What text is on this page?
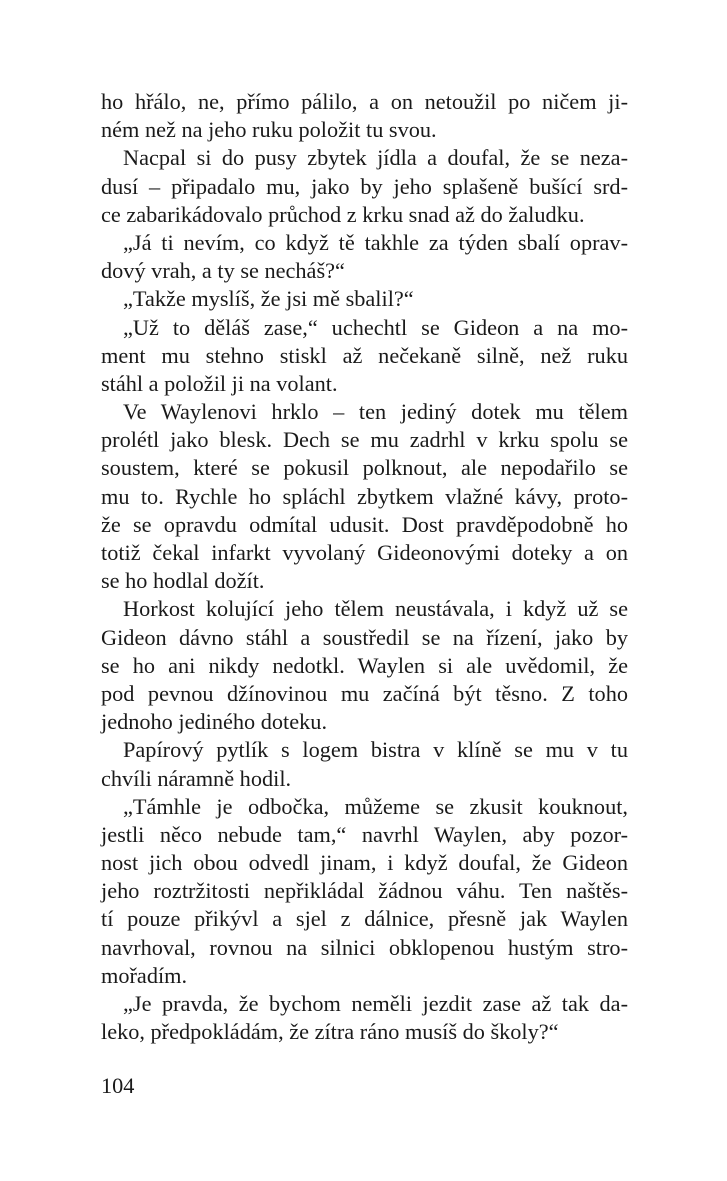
ho hřálo, ne, přímo pálilo, a on netoužil po ničem ji-
ném než na jeho ruku položit tu svou.
Nacpal si do pusy zbytek jídla a doufal, že se neza-
dusí – připadalo mu, jako by jeho splašeně bušící srd-
ce zabarikádovalo průchod z krku snad až do žaludku.
„Já ti nevím, co když tě takhle za týden sbalí oprav-
dový vrah, a ty se necháš?“
„Takže myslíš, že jsi mě sbalil?“
„Už to děláš zase,“ uchechtl se Gideon a na mo-
ment mu stehno stiskl až nečekaně silně, než ruku
stáhl a položil ji na volant.
Ve Waylenovi hrklo – ten jediný dotek mu tělem
prolétl jako blesk. Dech se mu zadrhl v krku spolu se
soustem, které se pokusil polknout, ale nepodařilo se
mu to. Rychle ho spláchl zbytkem vlažné kávy, proto-
že se opravdu odmítal udusit. Dost pravděpodobně ho
totiž čekal infarkt vyvolaný Gideonovými doteky a on
se ho hodlal dožít.
Horkost kolující jeho tělem neustávala, i když už se
Gideon dávno stáhl a soustředil se na řízení, jako by
se ho ani nikdy nedotkl. Waylen si ale uvědomil, že
pod pevnou džínovinou mu začíná být těsno. Z toho
jednoho jediného doteku.
Papírový pytlík s logem bistra v klíně se mu v tu
chvíli náramně hodil.
„Támhle je odbočka, můžeme se zkusit kouknout,
jestli něco nebude tam,“ navrhl Waylen, aby pozor-
nost jich obou odvedl jinam, i když doufal, že Gideon
jeho roztržitosti nepřikládal žádnou váhu. Ten naštěs-
tí pouze přikývl a sjel z dálnice, přesně jak Waylen
navrhoval, rovnou na silnici obklopenou hustým stro-
mořadím.
„Je pravda, že bychom neměli jezdit zase až tak da-
leko, předpokládám, že zítra ráno musíš do školy?“
104
